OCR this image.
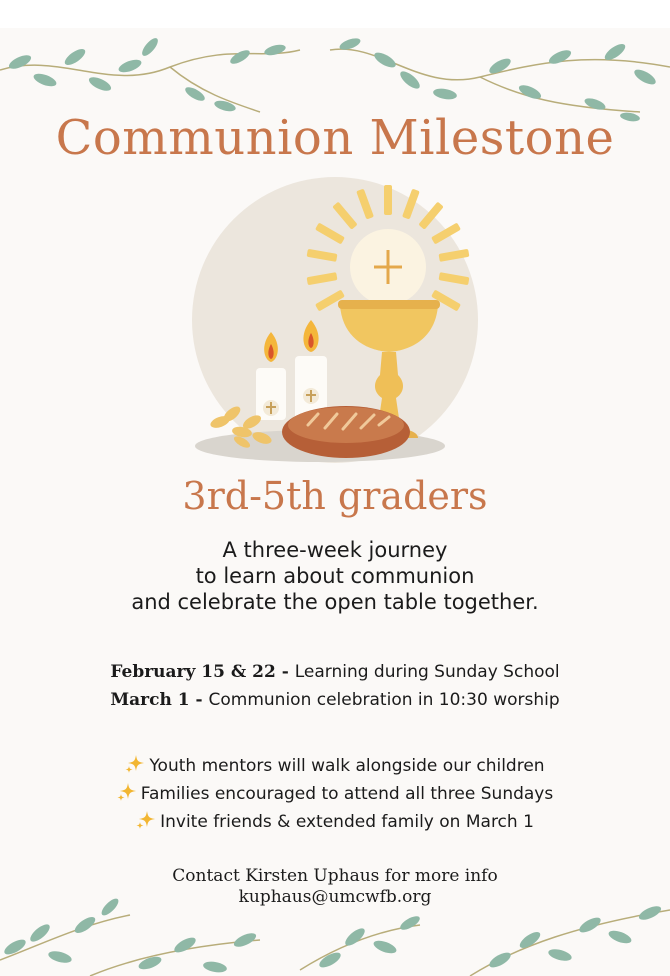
Communion Milestone
3rd-5th graders
A three-week journey
to learn about communion
and celebrate the open table together.
February 15 & 22 - Learning during Sunday School
March 1 - Communion celebration in 10:30 worship
Youth mentors will walk alongside our children
Families encouraged to attend all three Sundays
Invite friends & extended family on March 1
Contact Kirsten Uphaus for more info
kuphaus@umcwfb.org
